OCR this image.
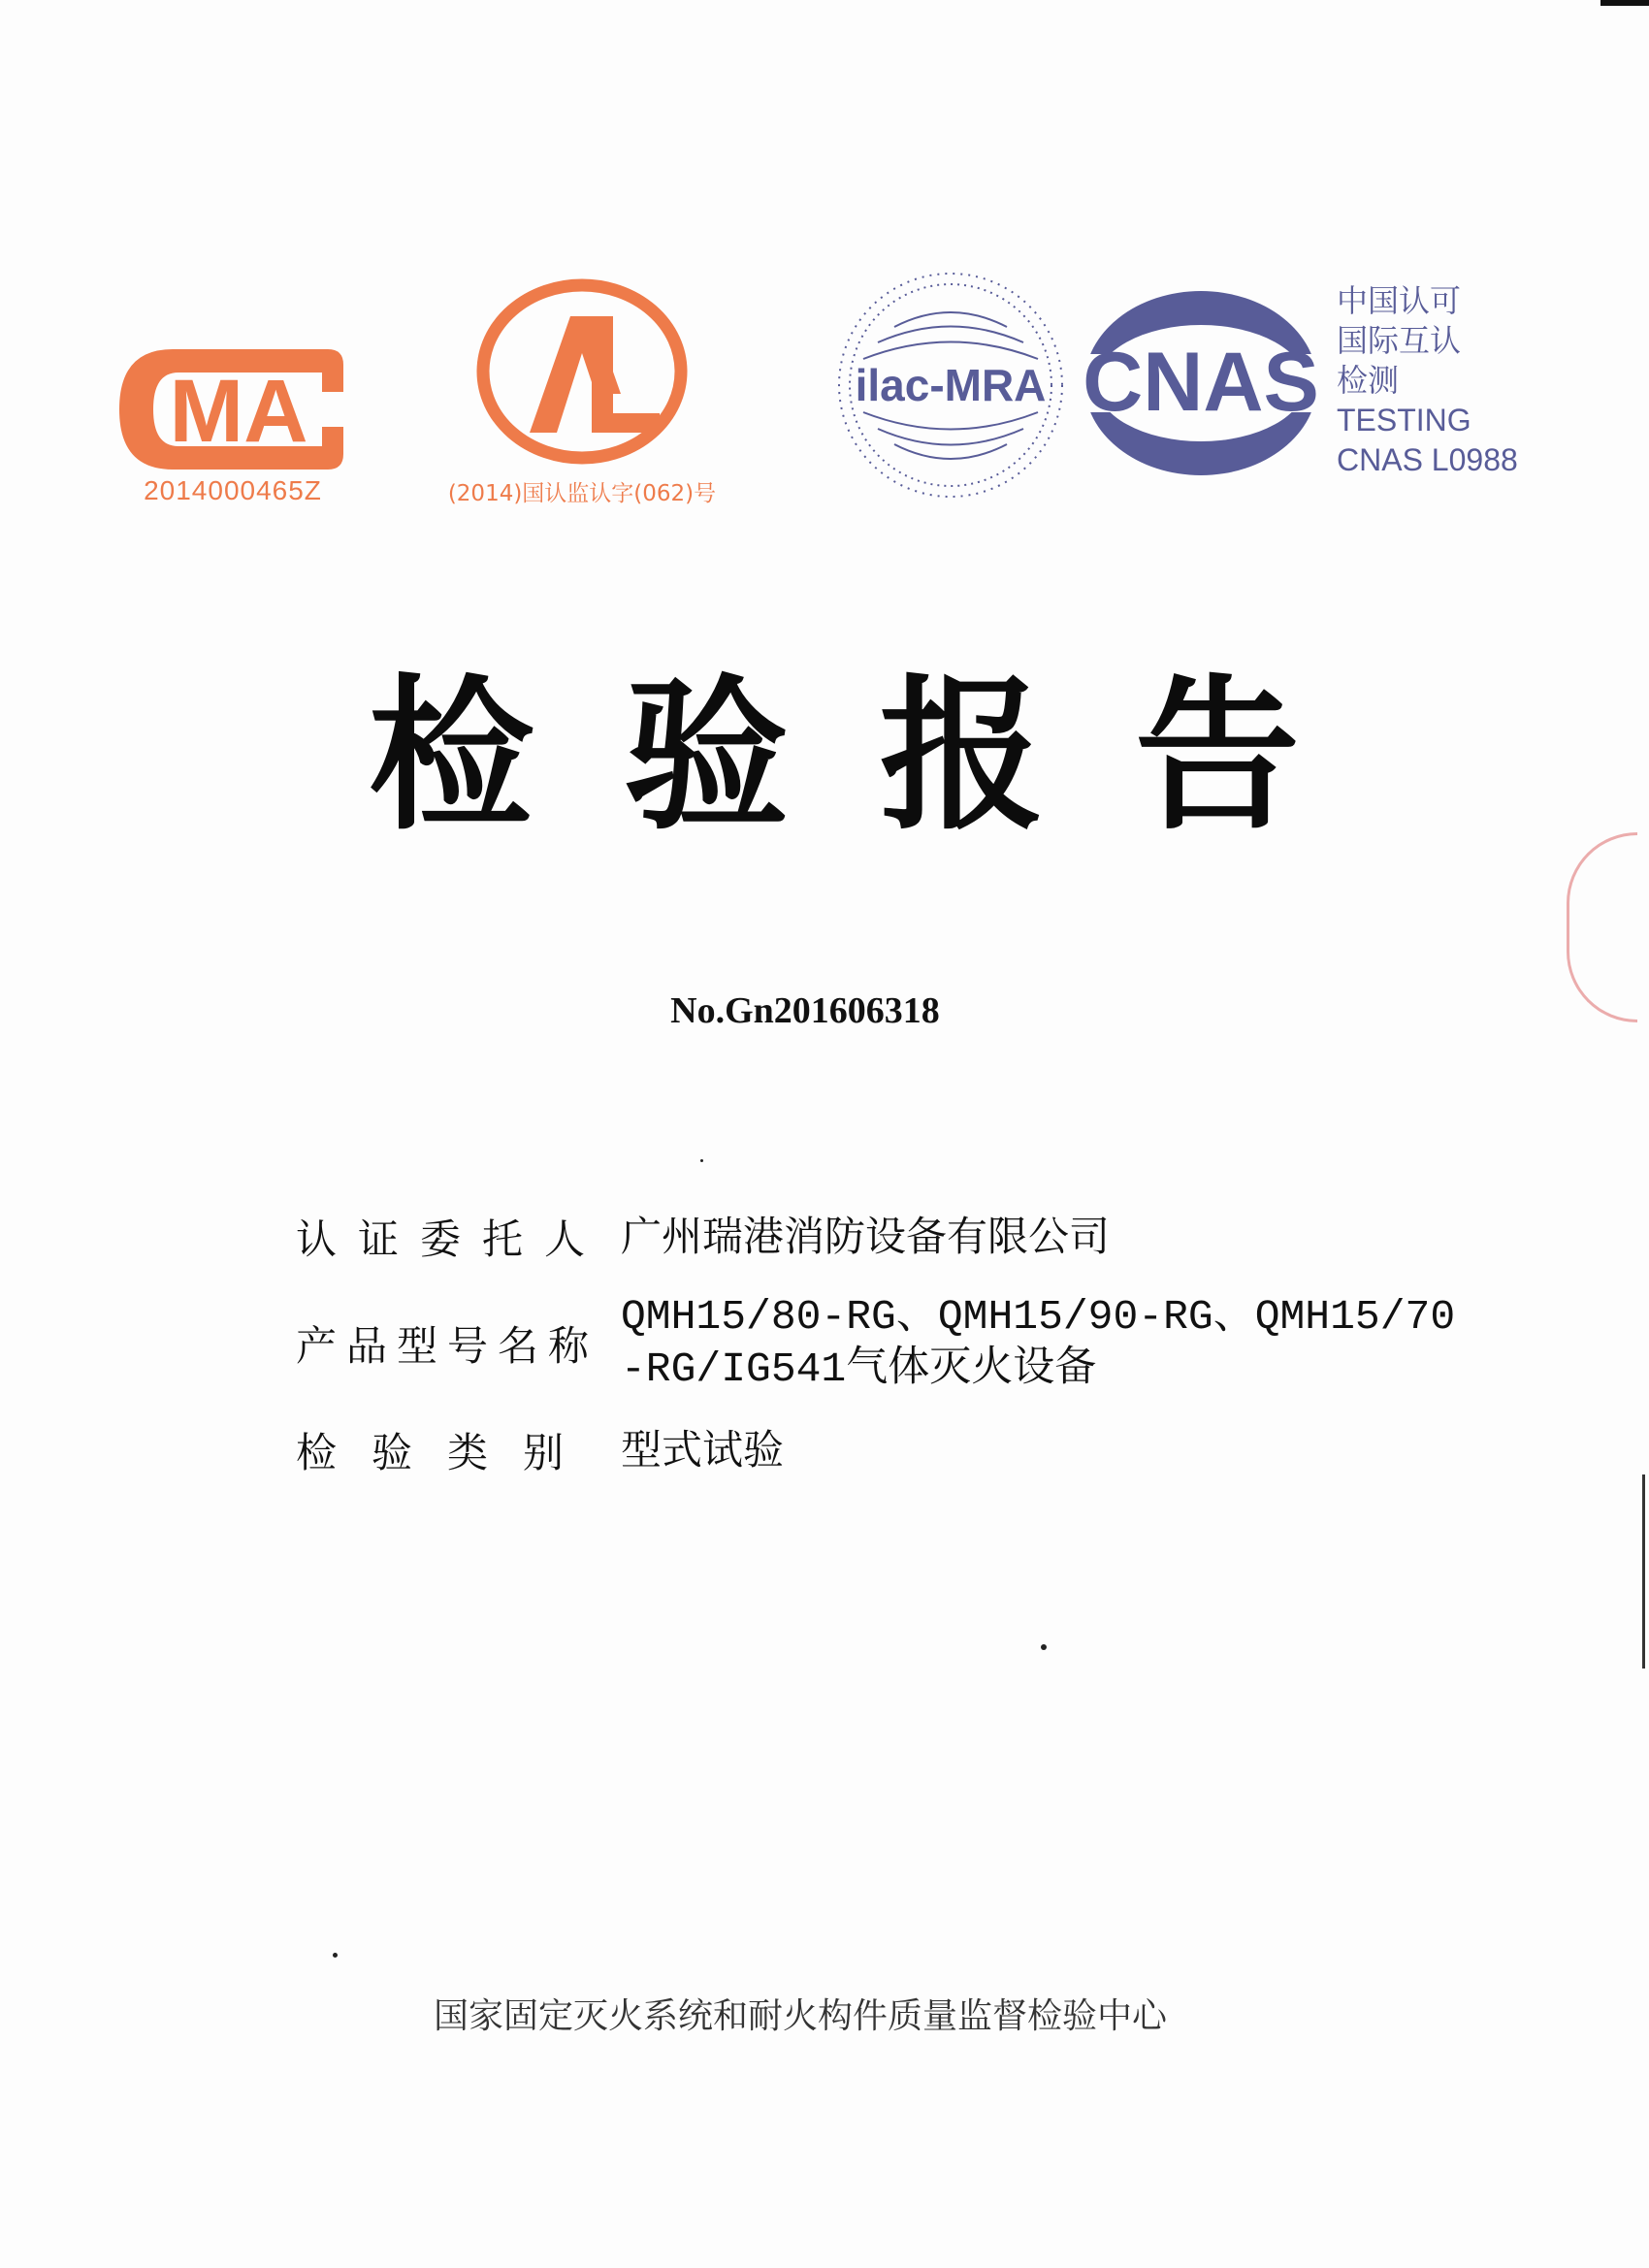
MA
2014000465Z	(2014)国认监认字(062)号
ilac-MRA CNAS
中国认可
国际互认
检测
TESTING
CNAS L0988
检 验 报 告
No.Gn201606318
认证委托人 广州瑞港消防设备有限公司
产品型号名称
QMH15/80-RG、QMH15/90-RG、QMH15/70-RG/IG541气体灭火设备
检验类别 型式试验
国家固定灭火系统和耐火构件质量监督检验中心
